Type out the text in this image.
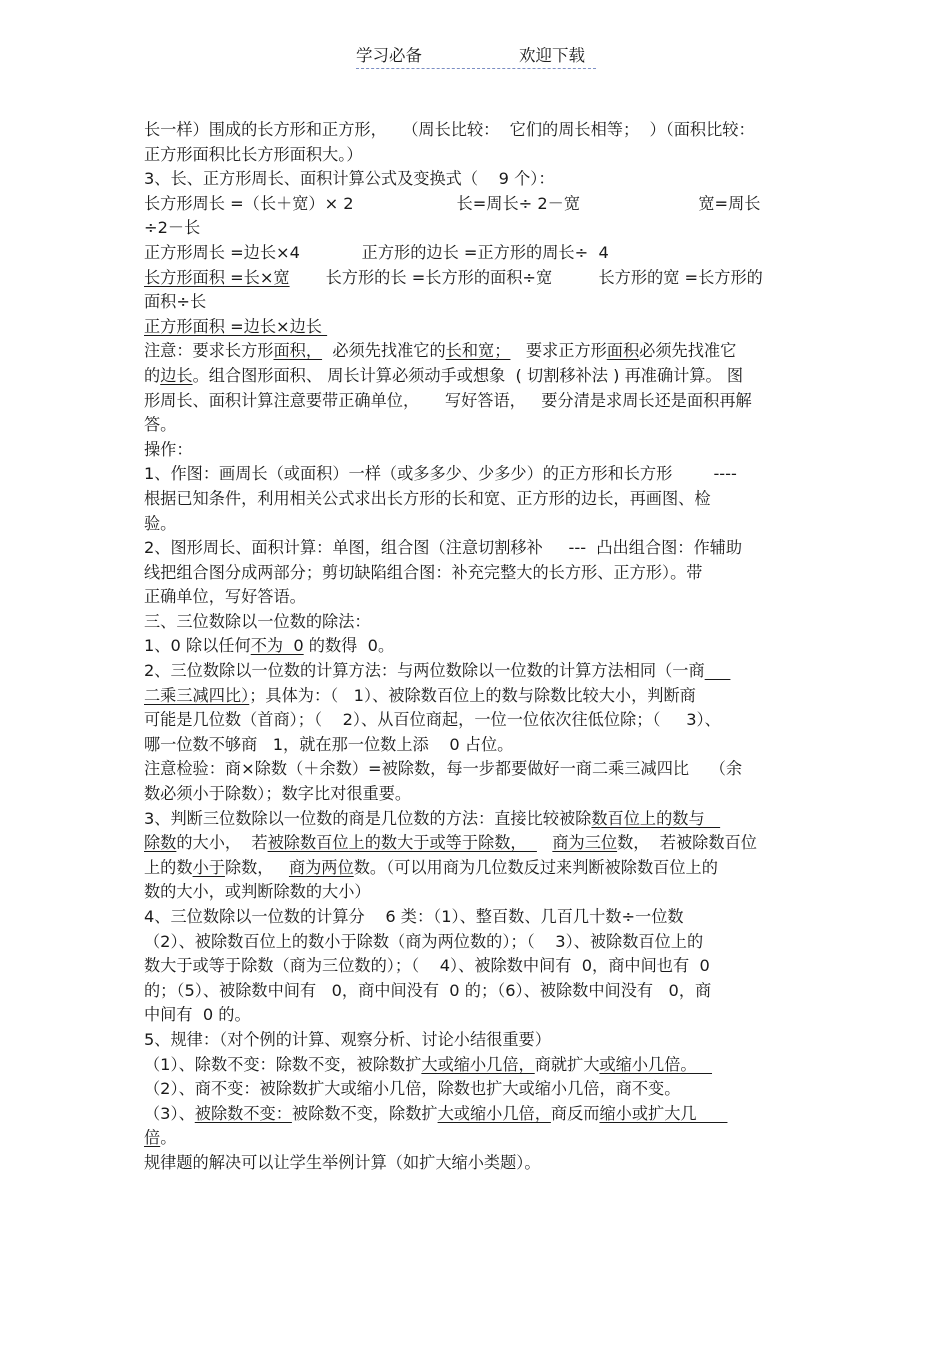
学习必备	欢迎下载
长一样）围成的长方形和正方形，   （周长比较：  它们的周长相等；  ）（面积比较：
正方形面积比长方形面积大。）
3、长、正方形周长、面积计算公式及变换式（    9 个）：
长方形周长 =（长＋宽）× 2                    长=周长÷ 2－宽                       宽=周长
÷2－长
正方形周长 =边长×4            正方形的边长 =正方形的周长÷  4
长方形面积 =长×宽       长方形的长 =长方形的面积÷宽         长方形的宽 =长方形的
面积÷长
正方形面积 =边长×边长
注意：要求长方形面积，  必须先找准它的长和宽；   要求正方形面积必须先找准它
的边长。组合图形面积、 周长计算必须动手或想象  ( 切割移补法 ) 再准确计算。 图
形周长、面积计算注意要带正确单位，     写好答语，   要分清是求周长还是面积再解
答。
操作：
1、作图：画周长（或面积）一样（或多多少、少多少）的正方形和长方形        ----
根据已知条件，利用相关公式求出长方形的长和宽、正方形的边长，再画图、检
验。
2、图形周长、面积计算：单图，组合图（注意切割移补     ---  凸出组合图：作辅助
线把组合图分成两部分；剪切缺陷组合图：补充完整大的长方形、正方形）。带
正确单位，写好答语。
三、三位数除以一位数的除法：
1、0 除以任何不为  0 的数得  0。
2、三位数除以一位数的计算方法：与两位数除以一位数的计算方法相同（一商
二乘三减四比）；具体为：（   1）、被除数百位上的数与除数比较大小，判断商
可能是几位数（首商）；（    2）、从百位商起，一位一位依次往低位除；（     3）、
哪一位数不够商   1，就在那一位数上添    0 占位。
注意检验：商×除数（＋余数）=被除数，每一步都要做好一商二乘三减四比    （余
数必须小于除数）；数字比对很重要。
3、判断三位数除以一位数的商是几位数的方法：直接比较被除数百位上的数与
除数的大小，  若被除数百位上的数大于或等于除数，     商为三位数，  若被除数百位
上的数小于除数，   商为两位数。（可以用商为几位数反过来判断被除数百位上的
数的大小，或判断除数的大小）
4、三位数除以一位数的计算分    6 类：（1）、整百数、几百几十数÷一位数
（2）、被除数百位上的数小于除数（商为两位数的）；（    3）、被除数百位上的
数大于或等于除数（商为三位数的）；（    4）、被除数中间有  0，商中间也有  0
的；（5）、被除数中间有   0，商中间没有  0 的；（6）、被除数中间没有   0，商
中间有  0 的。
5、规律：（对个例的计算、观察分析、讨论小结很重要）
（1）、除数不变：除数不变，被除数扩大或缩小几倍，商就扩大或缩小几倍。
（2）、商不变：被除数扩大或缩小几倍，除数也扩大或缩小几倍，商不变。
（3）、被除数不变：被除数不变，除数扩大或缩小几倍，商反而缩小或扩大几
倍。
规律题的解决可以让学生举例计算（如扩大缩小类题）。
